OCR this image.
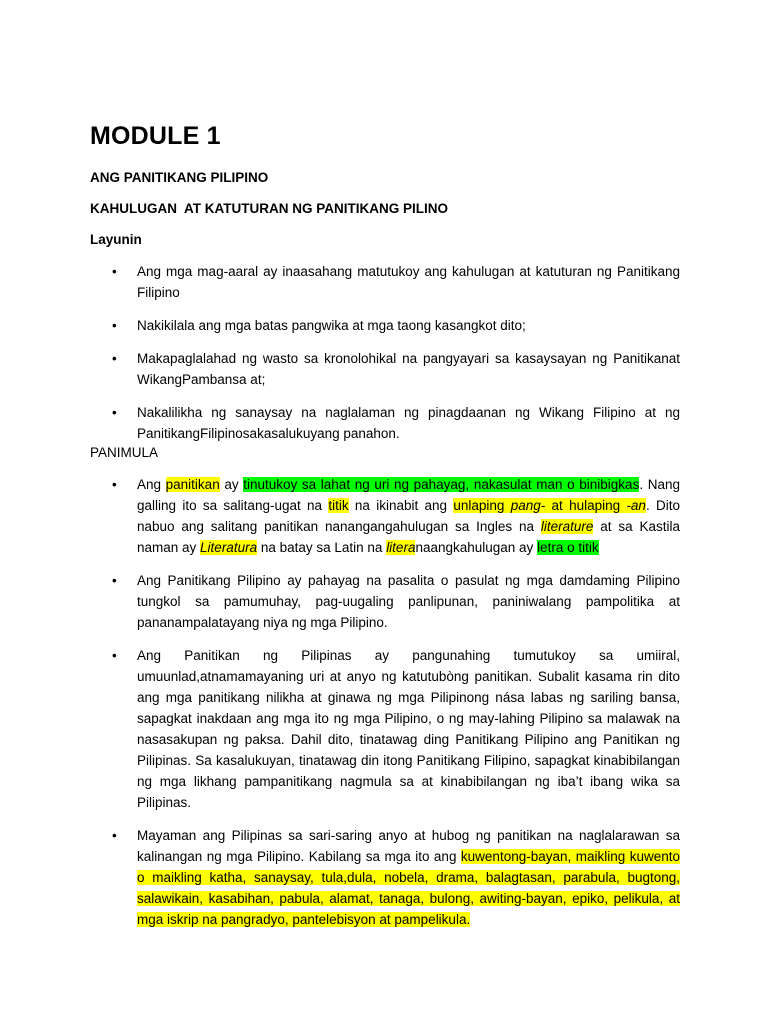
MODULE 1

ANG PANITIKANG PILIPINO

KAHULUGAN  AT KATUTURAN NG PANITIKANG PILINO

Layunin

• Ang mga mag-aaral ay inaasahang matutukoy ang kahulugan at katuturan ng Panitikang Filipino
• Nakikilala ang mga batas pangwika at mga taong kasangkot dito;
• Makapaglalahad ng wasto sa kronolohikal na pangyayari sa kasaysayan ng Panitikanat WikangPambansa at;
• Nakalilikha ng sanaysay na naglalaman ng pinagdaanan ng Wikang Filipino at ng PanitikangFilipinosakasalukuyang panahon.

PANIMULA

• Ang panitikan ay tinutukoy sa lahat ng uri ng pahayag, nakasulat man o binibigkas. Nang galling ito sa salitang-ugat na titik na ikinabit ang unlaping pang- at hulaping -an. Dito nabuo ang salitang panitikan nanangangahulugan sa Ingles na literature at sa Kastila naman ay Literatura na batay sa Latin na literanaangkahulugan ay letra o titik
• Ang Panitikang Pilipino ay pahayag na pasalita o pasulat ng mga damdaming Pilipino tungkol sa pamumuhay, pag-uugaling panlipunan, paniniwalang pampolitika at pananampalatayang niya ng mga Pilipino.
• Ang Panitikan ng Pilipinas ay pangunahing tumutukoy sa umiiral, umuunlad,atnamamayaning uri at anyo ng katutubòng panitikan. Subalit kasama rin dito ang mga panitikang nilikha at ginawa ng mga Pilipinong nása labas ng sariling bansa, sapagkat inakdaan ang mga ito ng mga Pilipino, o ng may-lahing Pilipino sa malawak na nasasakupan ng paksa. Dahil dito, tinatawag ding Panitikang Pilipino ang Panitikan ng Pilipinas. Sa kasalukuyan, tinatawag din itong Panitikang Filipino, sapagkat kinabibilangan ng mga likhang pampanitikang nagmula sa at kinabibilangan ng iba’t ibang wika sa Pilipinas.
• Mayaman ang Pilipinas sa sari-saring anyo at hubog ng panitikan na naglalarawan sa kalinangan ng mga Pilipino. Kabilang sa mga ito ang kuwentong-bayan, maikling kuwento o maikling katha, sanaysay, tula,dula, nobela, drama, balagtasan, parabula, bugtong, salawikain, kasabihan, pabula, alamat, tanaga, bulong, awiting-bayan, epiko, pelikula, at mga iskrip na pangradyo, pantelebisyon at pampelikula.
